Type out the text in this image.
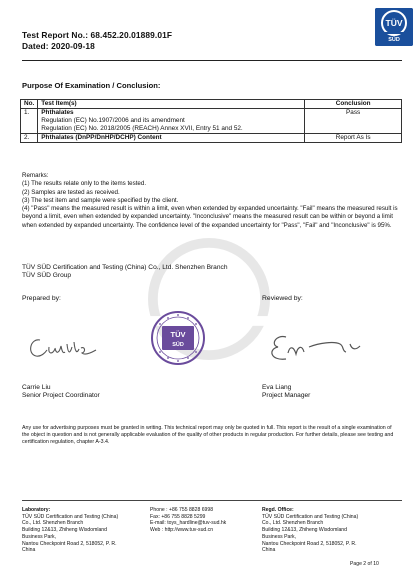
Test Report No.: 68.452.20.01889.01F
Dated: 2020-09-18
TÜV
SÜD
Purpose Of Examination / Conclusion:
No.	Test Item(s)	Conclusion
1.	Phthalates
Regulation (EC) No.1907/2006 and its amendment
Regulation (EC) No. 2018/2005 (REACH) Annex XVII, Entry 51 and 52.	Pass
2.	Phthalates (DnPP/DnHP/DCHP) Content	Report As Is
Remarks:
(1) The results relate only to the items tested.
(2) Samples are tested as received.
(3) The test item and sample were specified by the client.
(4) "Pass" means the measured result is within a limit, even when extended by expanded uncertainty. "Fail" means the measured result is beyond a limit, even when extended by expanded uncertainty. "Inconclusive" means the measured result can be within or beyond a limit when extended by expanded uncertainty. The confidence level of the expanded uncertainty for "Pass", "Fail" and "Inconclusive" is 95%.
TÜV SÜD Certification and Testing (China) Co., Ltd. Shenzhen Branch
TÜV SÜD Group
Prepared by:	Reviewed by:
TÜV
SÜD
Carrie Liu
Senior Project Coordinator
Eva Liang
Project Manager
Any use for advertising purposes must be granted in writing. This technical report may only be quoted in full. This report is the result of a single examination of the object in question and is not generally applicable evaluation of the quality of other products in regular production. For further details, please see testing and certification regulation, chapter A-3.4.
Laboratory:
TÜV SÜD Certification and Testing (China)
Co., Ltd. Shenzhen Branch
Building 12&13, Zhiheng Wisdomland
Business Park,
Nantou Checkpoint Road 2, 518052, P. R.
China
Phone : +86 755 8828 6998
Fax: +86 755 8828 5299
E-mail: toys_hardline@tuv-sud.hk
Web : http://www.tuv-sud.cn
Regd. Office:
TÜV SÜD Certification and Testing (China)
Co., Ltd. Shenzhen Branch
Building 12&13, Zhiheng Wisdomland
Business Park,
Nantou Checkpoint Road 2, 518052, P. R.
China
Page 2 of 10
